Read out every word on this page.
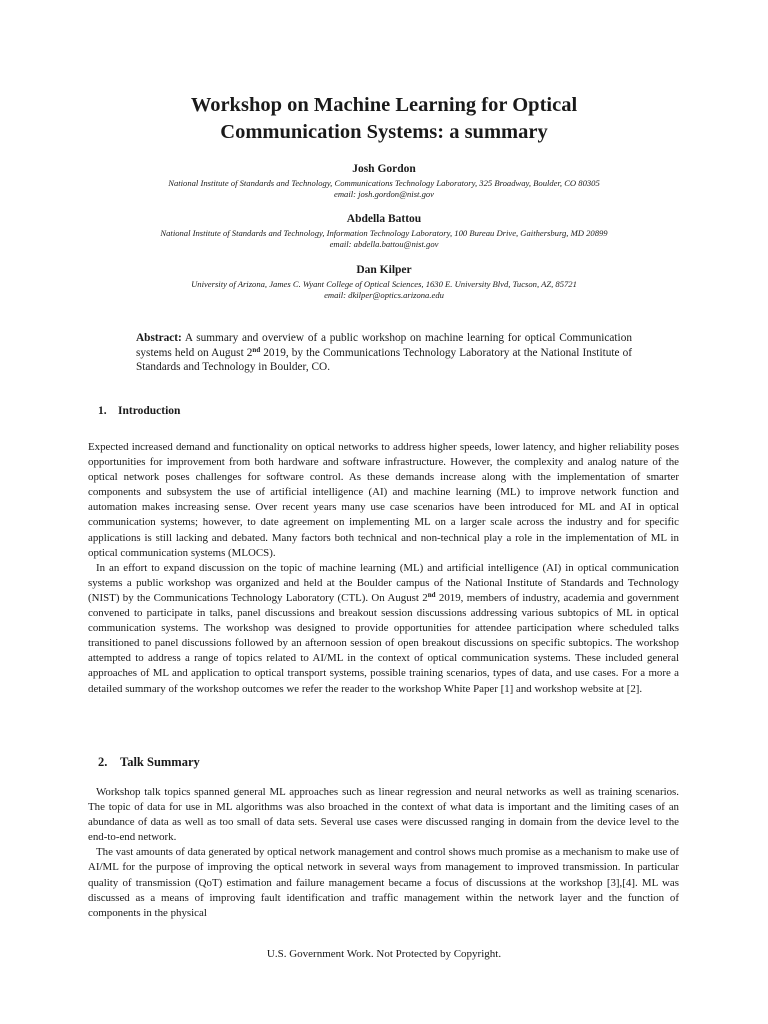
Workshop on Machine Learning for Optical
Communication Systems: a summary
Josh Gordon
National Institute of Standards and Technology, Communications Technology Laboratory, 325 Broadway, Boulder, CO 80305
email: josh.gordon@nist.gov
Abdella Battou
National Institute of Standards and Technology, Information Technology Laboratory, 100 Bureau Drive, Gaithersburg, MD 20899
email: abdella.battou@nist.gov
Dan Kilper
University of Arizona, James C. Wyant College of Optical Sciences, 1630 E. University Blvd, Tucson, AZ, 85721
email: dkilper@optics.arizona.edu
Abstract: A summary and overview of a public workshop on machine learning for optical Communication systems held on August 2nd 2019, by the Communications Technology Laboratory at the National Institute of Standards and Technology in Boulder, CO.
1. Introduction

Expected increased demand and functionality on optical networks to address higher speeds, lower latency, and higher reliability poses opportunities for improvement from both hardware and software infrastructure. However, the complexity and analog nature of the optical network poses challenges for software control. As these demands increase along with the implementation of smarter components and subsystem the use of artificial intelligence (AI) and machine learning (ML) to improve network function and automation makes increasing sense. Over recent years many use case scenarios have been introduced for ML and AI in optical communication systems; however, to date agreement on implementing ML on a larger scale across the industry and for specific applications is still lacking and debated. Many factors both technical and non-technical play a role in the implementation of ML in optical communication systems (MLOCS).

In an effort to expand discussion on the topic of machine learning (ML) and artificial intelligence (AI) in optical communication systems a public workshop was organized and held at the Boulder campus of the National Institute of Standards and Technology (NIST) by the Communications Technology Laboratory (CTL). On August 2nd 2019, members of industry, academia and government convened to participate in talks, panel discussions and breakout session discussions addressing various subtopics of ML in optical communication systems. The workshop was designed to provide opportunities for attendee participation where scheduled talks transitioned to panel discussions followed by an afternoon session of open breakout discussions on specific subtopics. The workshop attempted to address a range of topics related to AI/ML in the context of optical communication systems. These included general approaches of ML and application to optical transport systems, possible training scenarios, types of data, and use cases. For a more a detailed summary of the workshop outcomes we refer the reader to the workshop White Paper [1] and workshop website at [2].

2. Talk Summary

Workshop talk topics spanned general ML approaches such as linear regression and neural networks as well as training scenarios. The topic of data for use in ML algorithms was also broached in the context of what data is important and the limiting cases of an abundance of data as well as too small of data sets. Several use cases were discussed ranging in domain from the device level to the end-to-end network.

The vast amounts of data generated by optical network management and control shows much promise as a mechanism to make use of AI/ML for the purpose of improving the optical network in several ways from management to improved transmission. In particular quality of transmission (QoT) estimation and failure management became a focus of discussions at the workshop [3],[4]. ML was discussed as a means of improving fault identification and traffic management within the network layer and the function of components in the physical

U.S. Government Work. Not Protected by Copyright.
